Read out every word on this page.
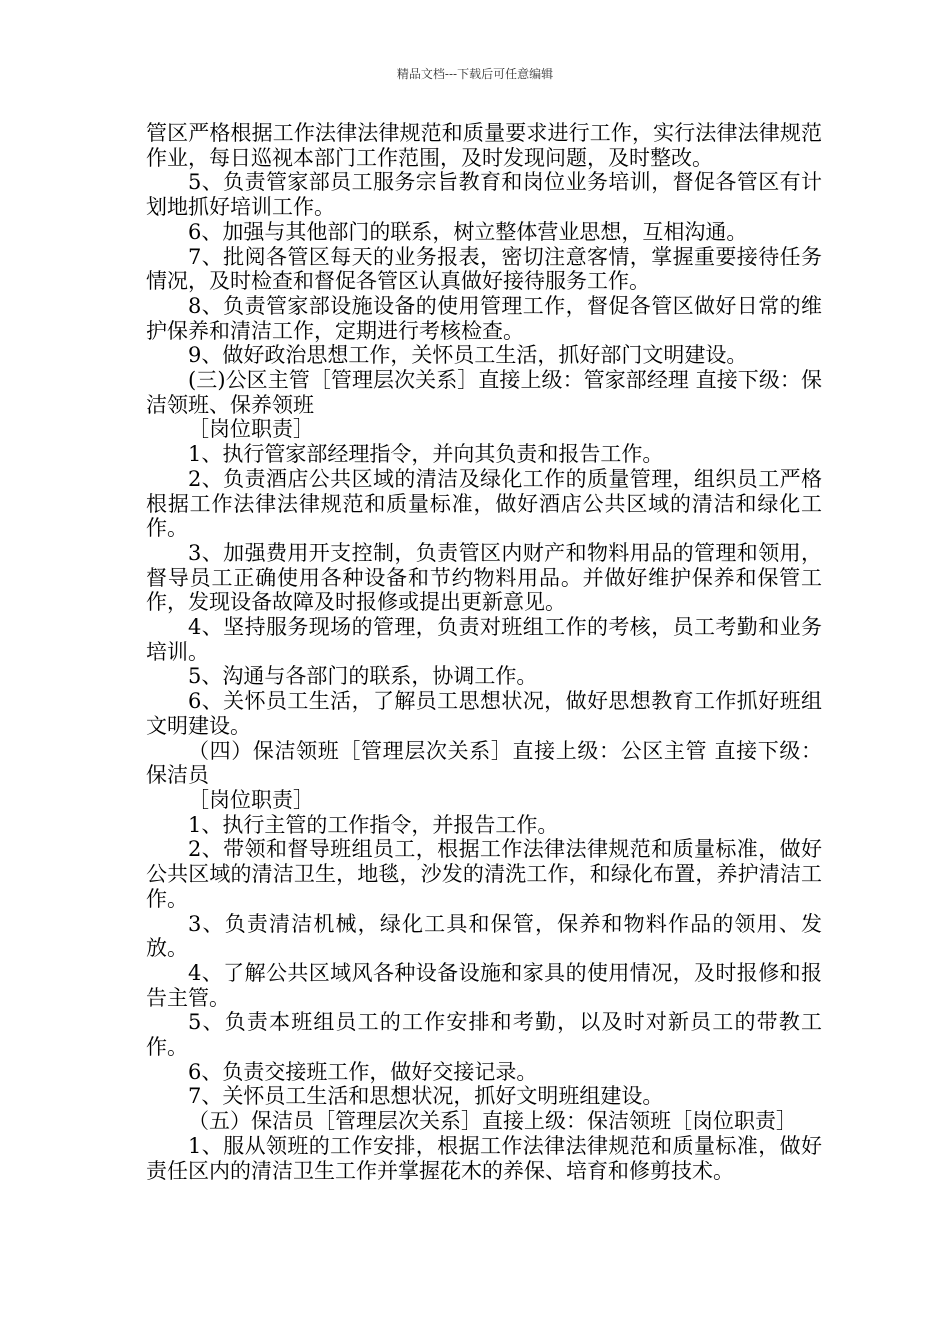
精品文档---下载后可任意编辑

管区严格根据工作法律法律规范和质量要求进行工作，实行法律法律规范作业，每日巡视本部门工作范围，及时发现问题，及时整改。

5、负责管家部员工服务宗旨教育和岗位业务培训，督促各管区有计划地抓好培训工作。

6、加强与其他部门的联系，树立整体营业思想，互相沟通。

7、批阅各管区每天的业务报表，密切注意客情，掌握重要接待任务情况，及时检查和督促各管区认真做好接待服务工作。

8、负责管家部设施设备的使用管理工作，督促各管区做好日常的维护保养和清洁工作，定期进行考核检查。

9、做好政治思想工作，关怀员工生活，抓好部门文明建设。

(三)公区主管［管理层次关系］直接上级：管家部经理 直接下级：保洁领班、保养领班

［岗位职责］

1、执行管家部经理指令，并向其负责和报告工作。

2、负责酒店公共区域的清洁及绿化工作的质量管理，组织员工严格根据工作法律法律规范和质量标准，做好酒店公共区域的清洁和绿化工作。

3、加强费用开支控制，负责管区内财产和物料用品的管理和领用，督导员工正确使用各种设备和节约物料用品。并做好维护保养和保管工作，发现设备故障及时报修或提出更新意见。

4、坚持服务现场的管理，负责对班组工作的考核，员工考勤和业务培训。

5、沟通与各部门的联系，协调工作。

6、关怀员工生活，了解员工思想状况，做好思想教育工作抓好班组文明建设。

（四）保洁领班［管理层次关系］直接上级：公区主管 直接下级：保洁员

［岗位职责］

1、执行主管的工作指令，并报告工作。

2、带领和督导班组员工，根据工作法律法律规范和质量标准，做好公共区域的清洁卫生，地毯，沙发的清洗工作，和绿化布置，养护清洁工作。

3、负责清洁机械，绿化工具和保管，保养和物料作品的领用、发放。

4、了解公共区域风各种设备设施和家具的使用情况，及时报修和报告主管。

5、负责本班组员工的工作安排和考勤，以及时对新员工的带教工作。

6、负责交接班工作，做好交接记录。

7、关怀员工生活和思想状况，抓好文明班组建设。

（五）保洁员［管理层次关系］直接上级：保洁领班［岗位职责］

1、服从领班的工作安排，根据工作法律法律规范和质量标准，做好责任区内的清洁卫生工作并掌握花木的养保、培育和修剪技术。
